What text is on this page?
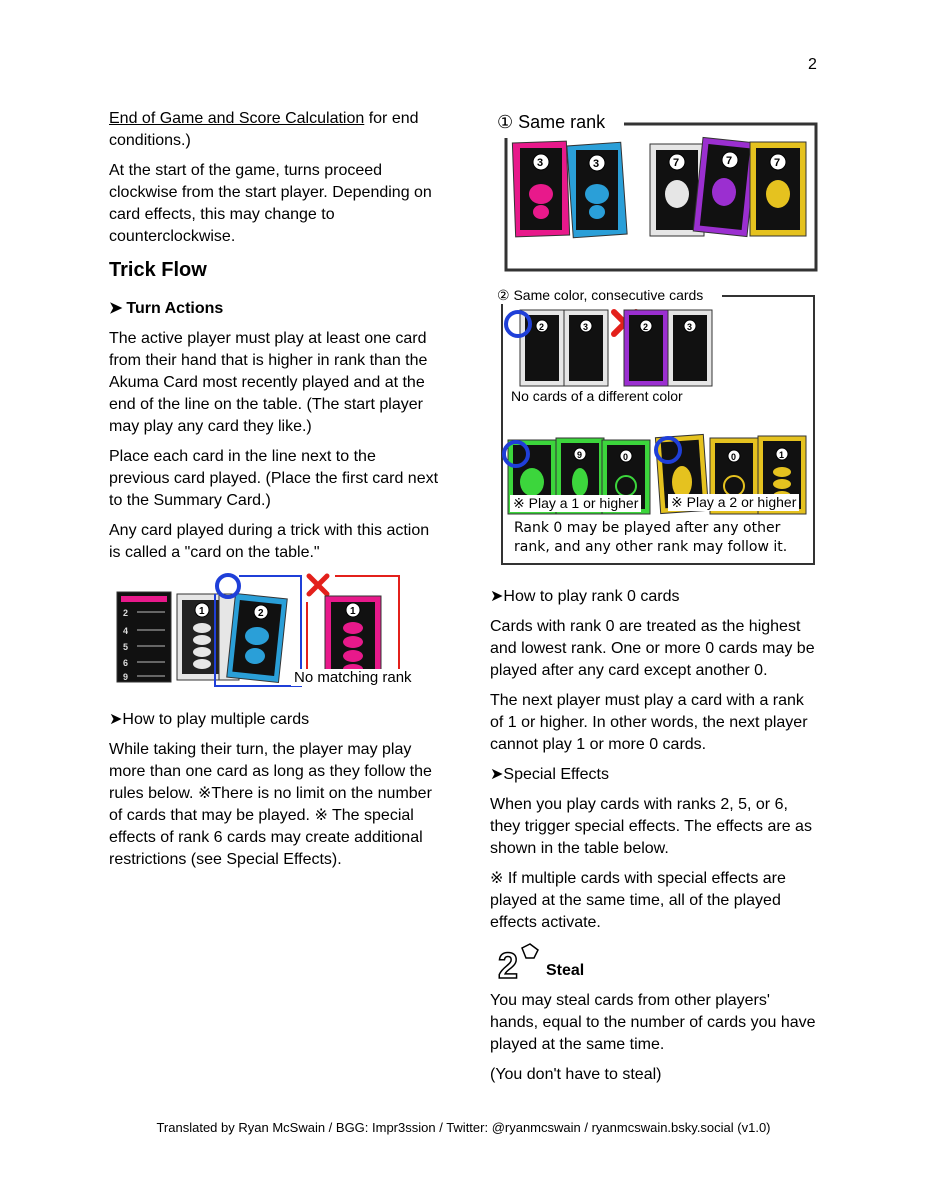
2

End of Game and Score Calculation for end conditions.)

At the start of the game, turns proceed clockwise from the start player. Depending on card effects, this may change to counterclockwise.

Trick Flow

➤ Turn Actions

The active player must play at least one card from their hand that is higher in rank than the Akuma Card most recently played and at the end of the line on the table. (The start player may play any card they like.)

Place each card in the line next to the previous card played. (Place the first card next to the Summary Card.)

Any card played during a trick with this action is called a "card on the table."

2
4
5
6
9
1	2	1
No matching rank

➤How to play multiple cards

While taking their turn, the player may play more than one card as long as they follow the rules below. ※There is no limit on the number of cards that may be played. ※ The special effects of rank 6 cards may create additional restrictions (see Special Effects).

3	3	7	7	7
① Same rank
2	3	2	3
9	0	0	1
② Same color, consecutive cards
No cards of a different color
※ Play a 1 or higher ※ Play a 2 or higher
Rank 0 may be played after any other
rank, and any other rank may follow it.

➤How to play rank 0 cards

Cards with rank 0 are treated as the highest and lowest rank. One or more 0 cards may be played after any card except another 0.

The next player must play a card with a rank of 1 or higher. In other words, the next player cannot play 1 or more 0 cards.

➤Special Effects

When you play cards with ranks 2, 5, or 6, they trigger special effects. The effects are as shown in the table below.

※ If multiple cards with special effects are played at the same time, all of the played effects activate.

2 Steal

You may steal cards from other players' hands, equal to the number of cards you have played at the same time.

(You don't have to steal)

Translated by Ryan McSwain / BGG: Impr3ssion / Twitter: @ryanmcswain / ryanmcswain.bsky.social (v1.0)
